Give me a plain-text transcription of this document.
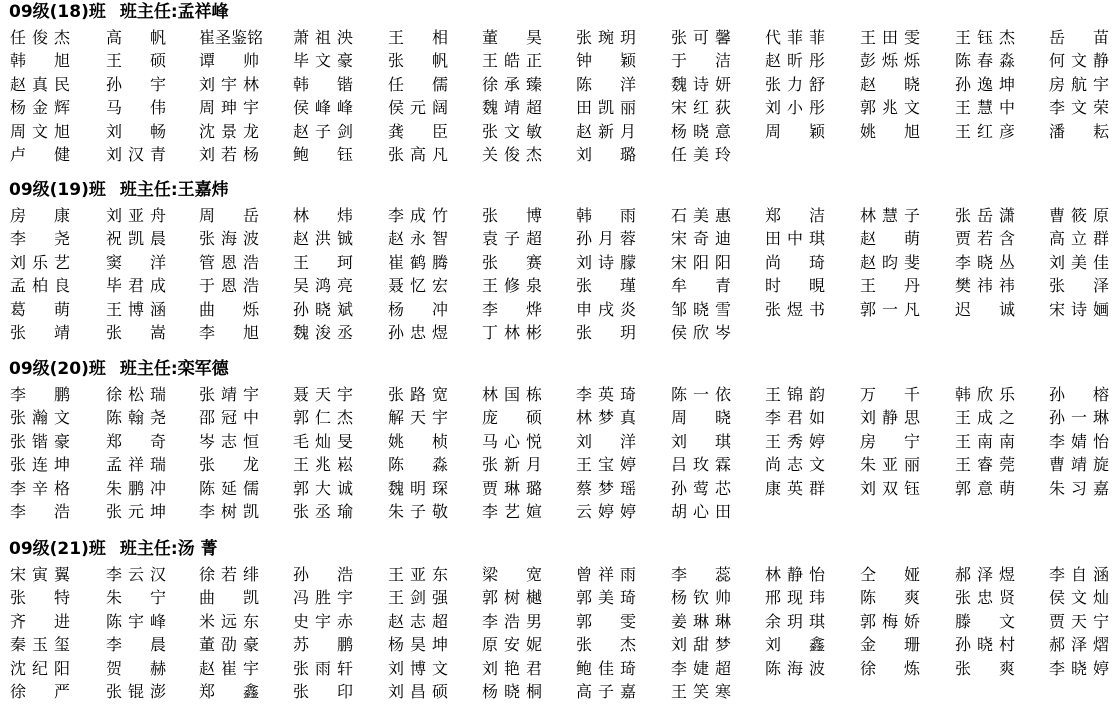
09级(18)班 班主任:孟祥峰
任 俊 杰 高 帆 崔 圣 鉴 铭 萧 祖 泱 王 相 董 昊 张 琬 玥 张 可 馨 代 菲 菲 王 田 雯 王 钰 杰 岳 苗
韩 旭 王 硕 谭 帅 毕 文 豪 张 帆 王 皓 正 钟 颖 于 洁 赵 昕 彤 彭 烁 烁 陈 春 淼 何 文 静
赵 真 民 孙 宇 刘 宇 林 韩 锴 任 儒 徐 承 臻 陈 洋 魏 诗 妍 张 力 舒 赵 晓 孙 逸 坤 房 航 宇
杨 金 辉 马 伟 周 珅 宇 侯 峰 峰 侯 元 阔 魏 靖 超 田 凯 丽 宋 红 荻 刘 小 彤 郭 兆 文 王 慧 中 李 文 荣
周 文 旭 刘 畅 沈 景 龙 赵 子 剑 龚 臣 张 文 敏 赵 新 月 杨 晓 意 周 颖 姚 旭 王 红 彦 潘 耘
卢 健 刘 汉 青 刘 若 杨 鲍 钰 张 高 凡 关 俊 杰 刘 璐 任 美 玲
09级(19)班 班主任:王嘉炜
房 康 刘 亚 舟 周 岳 林 炜 李 成 竹 张 博 韩 雨 石 美 惠 郑 洁 林 慧 子 张 岳 潇 曹 筱 原
李 尧 祝 凯 晨 张 海 波 赵 洪 铖 赵 永 智 袁 子 超 孙 月 蓉 宋 奇 迪 田 中 琪 赵 萌 贾 若 含 高 立 群
刘 乐 艺 窦 洋 管 恩 浩 王 珂 崔 鹤 腾 张 赛 刘 诗 朦 宋 阳 阳 尚 琦 赵 昀 斐 李 晓 丛 刘 美 佳
孟 柏 良 毕 君 成 于 恩 浩 吴 鸿 亮 聂 忆 宏 王 修 泉 张 瑾 牟 青 时 晛 王 丹 樊 祎 祎 张 泽
葛 萌 王 博 涵 曲 烁 孙 晓 斌 杨 冲 李 烨 申 戌 炎 邹 晓 雪 张 煜 书 郭 一 凡 迟 诚 宋 诗 婳
张 靖 张 嵩 李 旭 魏 浚 丞 孙 忠 煜 丁 林 彬 张 玥 侯 欣 岑
09级(20)班 班主任:栾军德
李 鹏 徐 松 瑞 张 靖 宇 聂 天 宇 张 路 宽 林 国 栋 李 英 琦 陈 一 依 王 锦 韵 万 千 韩 欣 乐 孙 榕
张 瀚 文 陈 翰 尧 邵 冠 中 郭 仁 杰 解 天 宇 庞 硕 林 梦 真 周 晓 李 君 如 刘 静 思 王 成 之 孙 一 琳
张 锴 豪 郑 奇 岑 志 恒 毛 灿 旻 姚 桢 马 心 悦 刘 洋 刘 琪 王 秀 婷 房 宁 王 南 南 李 婧 怡
张 连 坤 孟 祥 瑞 张 龙 王 兆 崧 陈 淼 张 新 月 王 宝 婷 吕 玫 霖 尚 志 文 朱 亚 丽 王 睿 莞 曹 靖 旋
李 辛 格 朱 鹏 冲 陈 延 儒 郭 大 诚 魏 明 琛 贾 琳 璐 蔡 梦 瑶 孙 莺 芯 康 英 群 刘 双 钰 郭 意 萌 朱 习 嘉
李 浩 张 元 坤 李 树 凯 张 丞 瑜 朱 子 敬 李 艺 媗 云 婷 婷 胡 心 田
09级(21)班 班主任:汤 菁
宋 寅 翼 李 云 汉 徐 若 绯 孙 浩 王 亚 东 梁 宽 曾 祥 雨 李 蕊 林 静 怡 仝 娅 郝 泽 煜 李 自 涵
张 特 朱 宁 曲 凯 冯 胜 宇 王 剑 强 郭 树 樾 郭 美 琦 杨 钦 帅 邢 现 玮 陈 爽 张 忠 贤 侯 文 灿
齐 进 陈 宇 峰 米 远 东 史 宇 赤 赵 志 超 李 浩 男 郭 雯 姜 琳 琳 余 玥 琪 郭 梅 娇 滕 文 贾 天 宁
秦 玉 玺 李 晨 董 劭 豪 苏 鹏 杨 昊 坤 原 安 妮 张 杰 刘 甜 梦 刘 鑫 金 珊 孙 晓 村 郝 泽 熠
沈 纪 阳 贺 赫 赵 崔 宇 张 雨 轩 刘 博 文 刘 艳 君 鲍 佳 琦 李 婕 超 陈 海 波 徐 炼 张 爽 李 晓 婷
徐 严 张 锟 澎 郑 鑫 张 印 刘 昌 硕 杨 晓 桐 高 子 嘉 王 笑 寒
